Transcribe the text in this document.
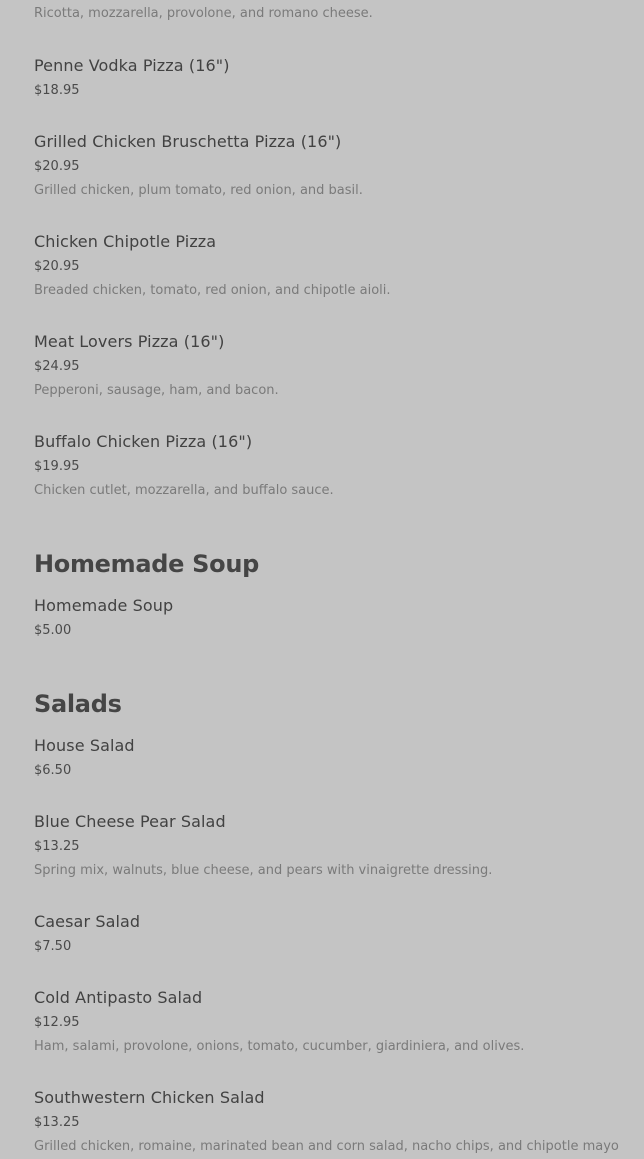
Ricotta, mozzarella, provolone, and romano cheese.
Penne Vodka Pizza (16")
$18.95
Grilled Chicken Bruschetta Pizza (16")
$20.95
Grilled chicken, plum tomato, red onion, and basil.
Chicken Chipotle Pizza
$20.95
Breaded chicken, tomato, red onion, and chipotle aioli.
Meat Lovers Pizza (16")
$24.95
Pepperoni, sausage, ham, and bacon.
Buffalo Chicken Pizza (16")
$19.95
Chicken cutlet, mozzarella, and buffalo sauce.
Homemade Soup
Homemade Soup
$5.00
Salads
House Salad
$6.50
Blue Cheese Pear Salad
$13.25
Spring mix, walnuts, blue cheese, and pears with vinaigrette dressing.
Caesar Salad
$7.50
Cold Antipasto Salad
$12.95
Ham, salami, provolone, onions, tomato, cucumber, giardiniera, and olives.
Southwestern Chicken Salad
$13.25
Grilled chicken, romaine, marinated bean and corn salad, nacho chips, and chipotle mayo
